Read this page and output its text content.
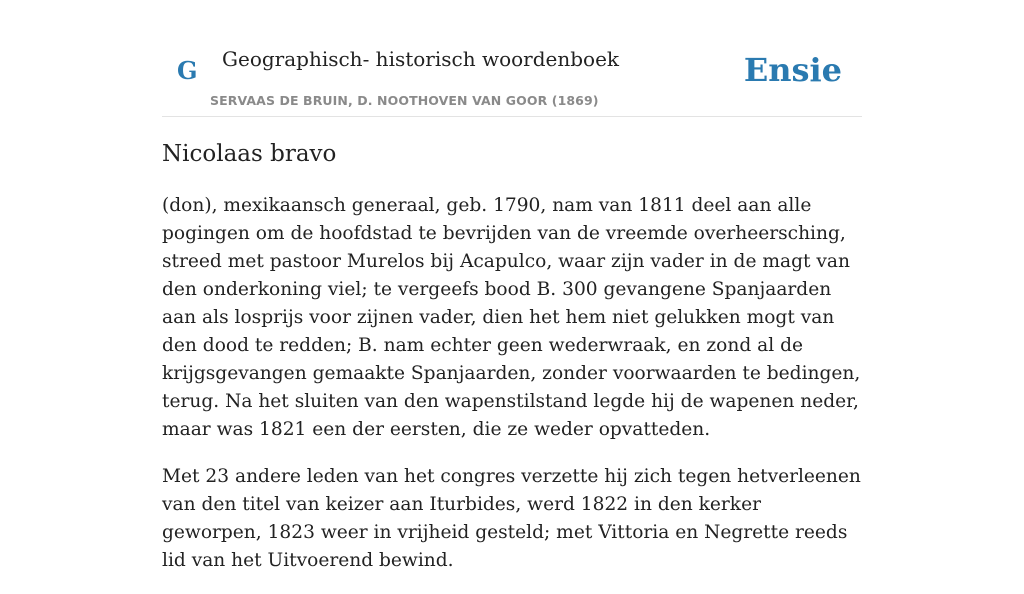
G Geographisch- historisch woordenboek
SERVAAS DE BRUIN, D. NOOTHOVEN VAN GOOR (1869)
Ensie
Nicolaas bravo

(don), mexikaansch generaal, geb. 1790, nam van 1811 deel aan alle pogingen om de hoofdstad te bevrijden van de vreemde overheersching, streed met pastoor Murelos bij Acapulco, waar zijn vader in de magt van den onderkoning viel; te vergeefs bood B. 300 gevangene Spanjaarden aan als losprijs voor zijnen vader, dien het hem niet gelukken mogt van den dood te redden; B. nam echter geen wederwraak, en zond al de krijgsgevangen gemaakte Spanjaarden, zonder voorwaarden te bedingen, terug. Na het sluiten van den wapenstilstand legde hij de wapenen neder, maar was 1821 een der eersten, die ze weder opvatteden.

Met 23 andere leden van het congres verzette hij zich tegen hetverleenen van den titel van keizer aan Iturbides, werd 1822 in den kerker geworpen, 1823 weer in vrijheid gesteld; met Vittoria en Negrette reeds lid van het Uitvoerend bewind.
